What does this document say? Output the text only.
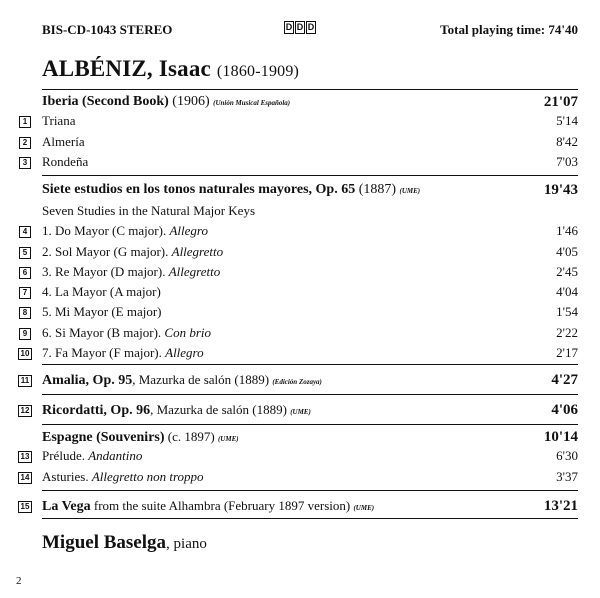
BIS-CD-1043 STEREO	D D D	Total playing time: 74'40
ALBÉNIZ, Isaac (1860-1909)
Iberia (Second Book) (1906) (Unión Musical Española)	21'07
1 Triana	5'14
2 Almería	8'42
3 Rondeña	7'03
Siete estudios en los tonos naturales mayores, Op. 65 (1887) (UME)	19'43
Seven Studies in the Natural Major Keys
4 1. Do Mayor (C major). Allegro	1'46
5 2. Sol Mayor (G major). Allegretto	4'05
6 3. Re Mayor (D major). Allegretto	2'45
7 4. La Mayor (A major)	4'04
8 5. Mi Mayor (E major)	1'54
9 6. Si Mayor (B major). Con brio	2'22
10 7. Fa Mayor (F major). Allegro	2'17
11 Amalia, Op. 95, Mazurka de salón (1889) (Edición Zozaya)	4'27
12 Ricordatti, Op. 96, Mazurka de salón (1889) (UME)	4'06
Espagne (Souvenirs) (c. 1897) (UME)	10'14
13 Prélude. Andantino	6'30
14 Asturies. Allegretto non troppo	3'37
15 La Vega from the suite Alhambra (February 1897 version) (UME)	13'21
Miguel Baselga, piano
2
